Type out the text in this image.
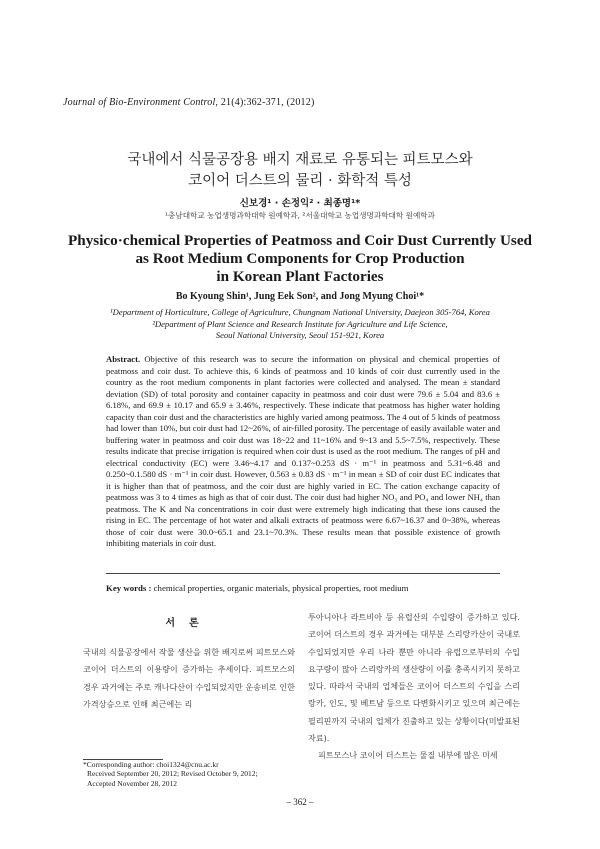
Journal of Bio-Environment Control, 21(4):362-371, (2012)
국내에서 식물공장용 배지 재료로 유통되는 피트모스와
코이어 더스트의 물리 · 화학적 특성
신보경¹ · 손정익² · 최종명¹*
¹충남대학교 농업생명과학대학 원예학과, ²서울대학교 농업생명과학대학 원예학과
Physico·chemical Properties of Peatmoss and Coir Dust Currently Used
as Root Medium Components for Crop Production
in Korean Plant Factories
Bo Kyoung Shin¹, Jung Eek Son², and Jong Myung Choi¹*
¹Department of Horticulture, College of Agriculture, Chungnam National University, Daejeon 305-764, Korea
²Department of Plant Science and Research Institute for Agriculture and Life Science,
Seoul National University, Seoul 151-921, Korea
Abstract. Objective of this research was to secure the information on physical and chemical properties of peatmoss and coir dust. To achieve this, 6 kinds of peatmoss and 10 kinds of coir dust currently used in the country as the root medium components in plant factories were collected and analysed. The mean ± standard deviation (SD) of total porosity and container capacity in peatmoss and coir dust were 79.6 ± 5.04 and 83.6 ± 6.18%, and 69.9 ± 10.17 and 65.9 ± 3.46%, respectively. These indicate that peatmoss has higher water holding capacity than coir dust and the characteristics are highly varied among peatmoss. The 4 out of 5 kinds of peatmoss had lower than 10%, but coir dust had 12~26%, of air-filled porosity. The percentage of easily available water and buffering water in peatmoss and coir dust was 18~22 and 11~16% and 9~13 and 5.5~7.5%, respectively. These results indicate that precise irrigation is required when coir dust is used as the root medium. The ranges of pH and electrical conductivity (EC) were 3.46~4.17 and 0.137~0.253 dS · m⁻¹ in peatmoss and 5.31~6.48 and 0.250~0.1.580 dS · m⁻¹ in coir dust. However, 0.563 ± 0.83 dS · m⁻¹ in mean ± SD of coir dust EC indicates that it is higher than that of peatmoss, and the coir dust are highly varied in EC. The cation exchange capacity of peatmoss was 3 to 4 times as high as that of coir dust. The coir dust had higher NO₃ and PO₄ and lower NH₄ than peatmoss. The K and Na concentrations in coir dust were extremely high indicating that these ions caused the rising in EC. The percentage of hot water and alkali extracts of peatmoss were 6.67~16.37 and 0~38%, whereas those of coir dust were 30.0~65.1 and 23.1~70.3%. These results mean that possible existence of growth inhibiting materials in coir dust.
Key words : chemical properties, organic materials, physical properties, root medium
서론
국내의 식물공장에서 작물 생산을 위한 배지로써 피트모스와 코이어 더스트의 이용량이 증가하는 추세이다. 피트모스의 경우 과거에는 주로 캐나다산이 수입되었지만 운송비로 인한 가격상승으로 인해 최근에는 리
투아니아나 라트비아 등 유럽산의 수입량이 증가하고 있다. 코이어 더스트의 경우 과거에는 대부분 스리랑카산이 국내로 수입되었지만 우리 나라 뿐만 아니라 유럽으로부터의 수입 요구량이 많아 스리랑카의 생산량이 이를 충족시키지 못하고 있다. 따라서 국내의 업체들은 코이어 더스트의 수입을 스리랑카, 인도, 및 베트남 등으로 다변화시키고 있으며 최근에는 필리핀까지 국내의 업체가 진출하고 있는 상황이다(미발표된 자료).
피트모스나 코이어 더스트는 물질 내부에 많은 미세
*Corresponding author: choi1324@cnu.ac.kr
Received September 20, 2012; Revised October 9, 2012;
Accepted November 28, 2012
– 362 –
